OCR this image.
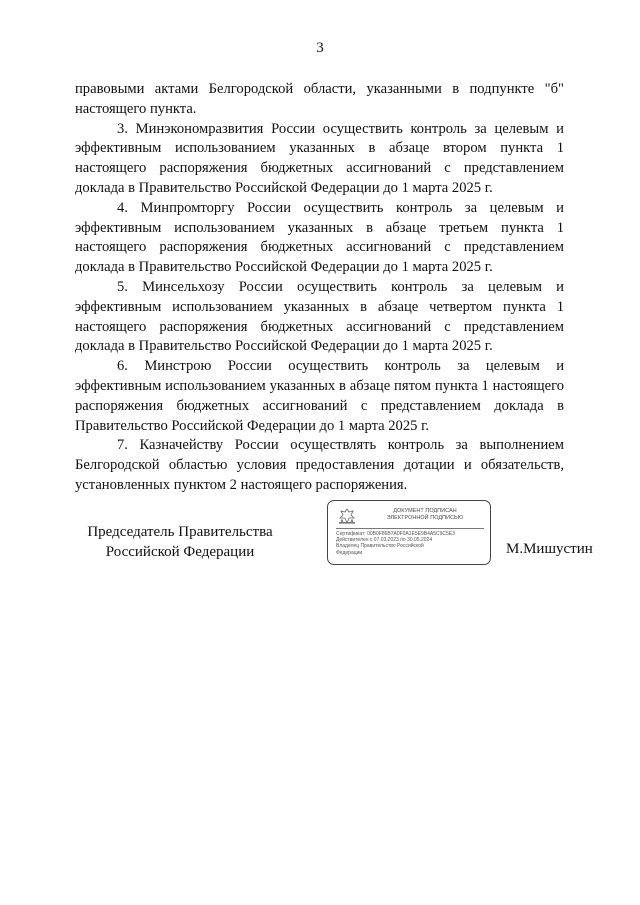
3

правовыми актами Белгородской области, указанными в подпункте "б" настоящего пункта.

3. Минэкономразвития России осуществить контроль за целевым и эффективным использованием указанных в абзаце втором пункта 1 настоящего распоряжения бюджетных ассигнований с представлением доклада в Правительство Российской Федерации до 1 марта 2025 г.

4. Минпромторгу России осуществить контроль за целевым и эффективным использованием указанных в абзаце третьем пункта 1 настоящего распоряжения бюджетных ассигнований с представлением доклада в Правительство Российской Федерации до 1 марта 2025 г.

5. Минсельхозу России осуществить контроль за целевым и эффективным использованием указанных в абзаце четвертом пункта 1 настоящего распоряжения бюджетных ассигнований с представлением доклада в Правительство Российской Федерации до 1 марта 2025 г.

6. Минстрою России осуществить контроль за целевым и эффективным использованием указанных в абзаце пятом пункта 1 настоящего распоряжения бюджетных ассигнований с представлением доклада в Правительство Российской Федерации до 1 марта 2025 г.

7. Казначейству России осуществлять контроль за выполнением Белгородской областью условия предоставления дотации и обязательств, установленных пунктом 2 настоящего распоряжения.

Председатель Правительства
Российской Федерации
ДОКУМЕНТ ПОДПИСАН
ЭЛЕКТРОННОЙ ПОДПИСЬЮ
Сертификат: 00B0F86B7A0F0A1E5E9B4A5C9C5E3
Действителен с 07.03.2023 по 30.05.2024
Владелец Правительство Российской
Федерации	М.Мишустин
